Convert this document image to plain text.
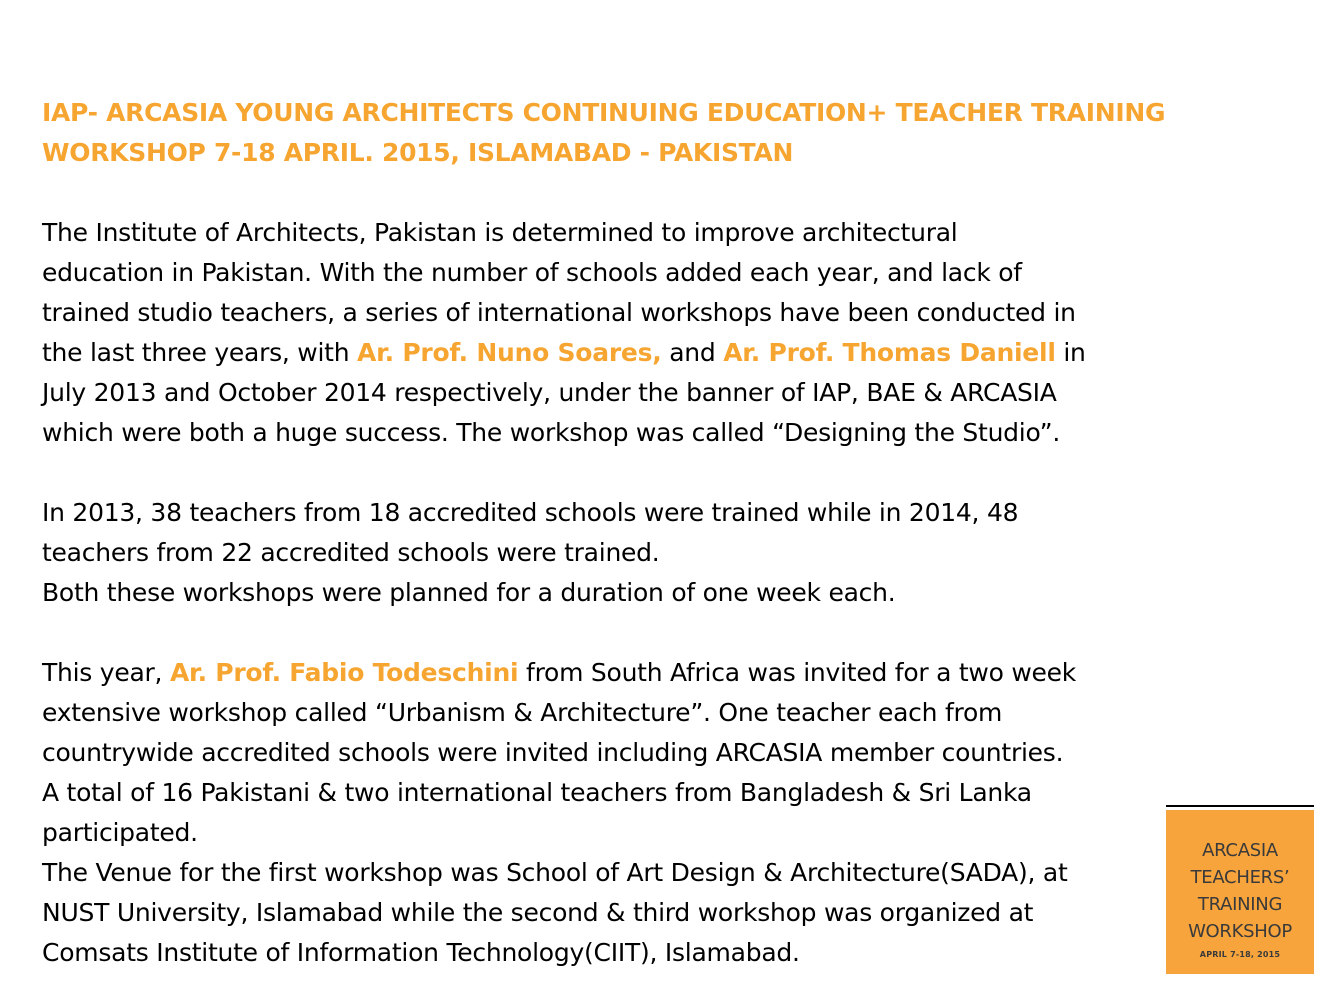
IAP- ARCASIA YOUNG ARCHITECTS CONTINUING EDUCATION+ TEACHER TRAINING
WORKSHOP 7-18 APRIL. 2015, ISLAMABAD - PAKISTAN
The Institute of Architects, Pakistan is determined to improve architectural
education in Pakistan. With the number of schools added each year, and lack of
trained studio teachers, a series of international workshops have been conducted in
the last three years, with Ar. Prof. Nuno Soares, and Ar. Prof. Thomas Daniell in
July 2013 and October 2014 respectively, under the banner of IAP, BAE & ARCASIA
which were both a huge success. The workshop was called “Designing the Studio”.
In 2013, 38 teachers from 18 accredited schools were trained while in 2014, 48
teachers from 22 accredited schools were trained.
Both these workshops were planned for a duration of one week each.
This year, Ar. Prof. Fabio Todeschini from South Africa was invited for a two week
extensive workshop called “Urbanism & Architecture”. One teacher each from
countrywide accredited schools were invited including ARCASIA member countries.
A total of 16 Pakistani & two international teachers from Bangladesh & Sri Lanka
participated.
The Venue for the first workshop was School of Art Design & Architecture(SADA), at
NUST University, Islamabad while the second & third workshop was organized at
Comsats Institute of Information Technology(CIIT), Islamabad.
ARCASIA
TEACHERS’
TRAINING
WORKSHOP
APRIL 7-18, 2015
